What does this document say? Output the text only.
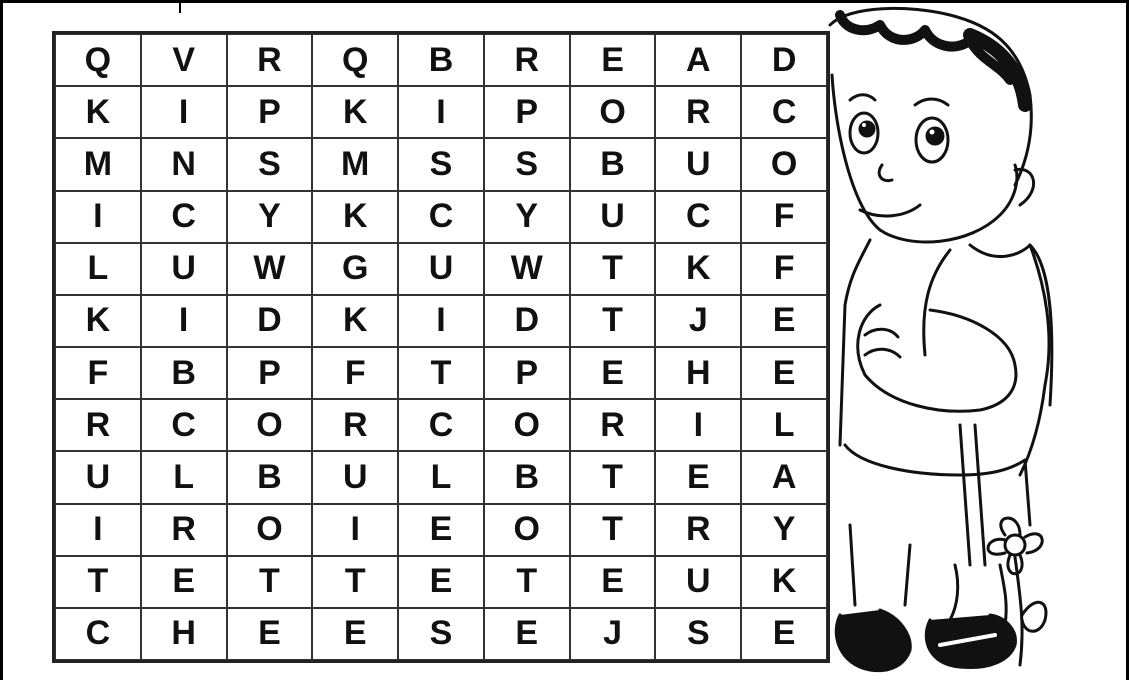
Q	V	R	Q	B	R	E	A	D
K	I	P	K	I	P	O	R	C
M	N	S	M	S	S	B	U	O
I	C	Y	K	C	Y	U	C	F
L	U	W	G	U	W	T	K	F
K	I	D	K	I	D	T	J	E
F	B	P	F	T	P	E	H	E
R	C	O	R	C	O	R	I	L
U	L	B	U	L	B	T	E	A
I	R	O	I	E	O	T	R	Y
T	E	T	T	E	T	E	U	K
C	H	E	E	S	E	J	S	E
